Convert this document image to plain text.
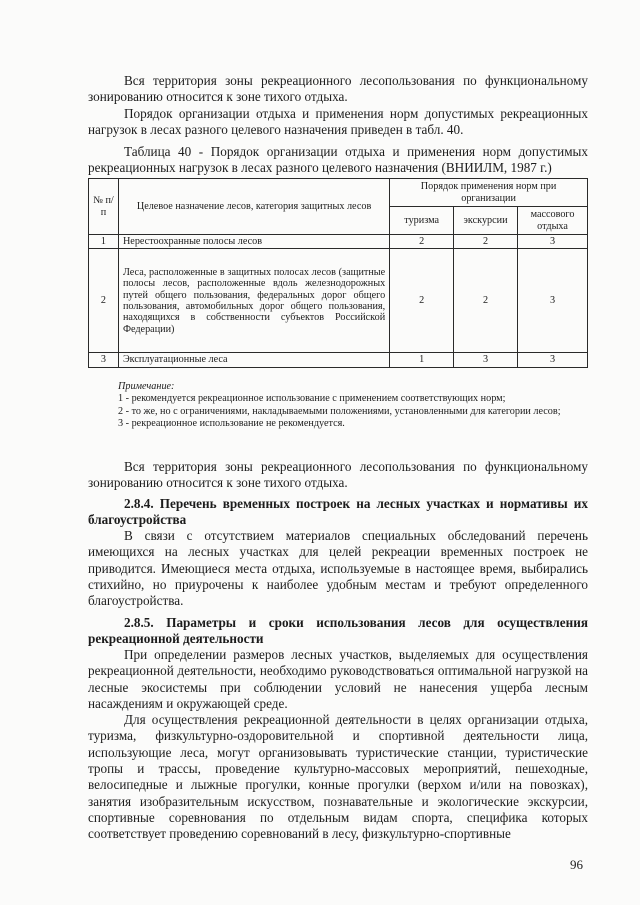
Вся территория зоны рекреационного лесопользования по функциональному зонированию относится к зоне тихого отдыха.

Порядок организации отдыха и применения норм допустимых рекреационных нагрузок в лесах разного целевого назначения приведен в табл. 40.

Таблица 40 - Порядок организации отдыха и применения норм допустимых рекреационных нагрузок в лесах разного целевого назначения (ВНИИЛМ, 1987 г.)

№ п/п	Целевое назначение лесов, категория защитных лесов	Порядок применения норм при организации		
		туризма	экскурсии	массового отдыха
1	Нерестоохранные полосы лесов	2	2	3
2	Леса, расположенные в защитных полосах лесов (защитные полосы лесов, расположенные вдоль железнодорожных путей общего пользования, федеральных дорог общего пользования, автомобильных дорог общего пользования, находящихся в собственности субъектов Российской Федерации)	2	2	3
3	Эксплуатационные леса	1	3	3

Примечание:

1 - рекомендуется рекреационное использование с применением соответствующих норм;

2 - то же, но с ограничениями, накладываемыми положениями, установленными для категории лесов;

3 - рекреационное использование не рекомендуется.

Вся территория зоны рекреационного лесопользования по функциональному зонированию относится к зоне тихого отдыха.

2.8.4. Перечень временных построек на лесных участках и нормативы их благоустройства

В связи с отсутствием материалов специальных обследований перечень имеющихся на лесных участках для целей рекреации временных построек не приводится. Имеющиеся места отдыха, используемые в настоящее время, выбирались стихийно, но приурочены к наиболее удобным местам и требуют определенного благоустройства.

2.8.5. Параметры и сроки использования лесов для осуществления рекреационной деятельности

При определении размеров лесных участков, выделяемых для осуществления рекреационной деятельности, необходимо руководствоваться оптимальной нагрузкой на лесные экосистемы при соблюдении условий не нанесения ущерба лесным насаждениям и окружающей среде.

Для осуществления рекреационной деятельности в целях организации отдыха, туризма, физкультурно-оздоровительной и спортивной деятельности лица, использующие леса, могут организовывать туристические станции, туристические тропы и трассы, проведение культурно-массовых мероприятий, пешеходные, велосипедные и лыжные прогулки, конные прогулки (верхом и/или на повозках), занятия изобразительным искусством, познавательные и экологические экскурсии, спортивные соревнования по отдельным видам спорта, специфика которых соответствует проведению соревнований в лесу, физкультурно-спортивные

96
